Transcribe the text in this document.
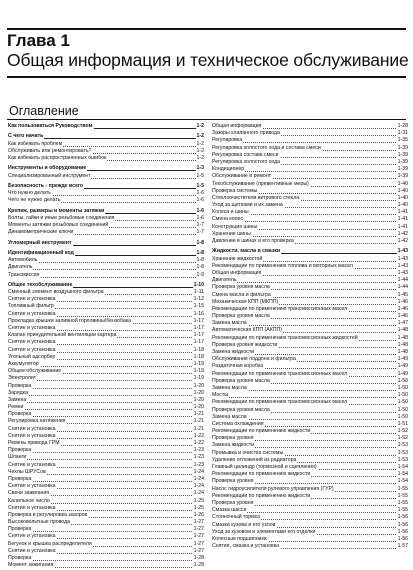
Глава 1
Общая информация и техническое обслуживание
Оглавление
Как пользоваться Руководством	1-2
С чего начать	1-2
Как избежать проблем	1-2
Обслуживать или ремонтировать?	1-2
Как избежать распространенных ошибок	1-2
Инструменты и оборудование	1-3
Специализированный инструмент	1-5
Безопасность - прежде всего	1-5
Что нужно делать	1-6
Чего не нужно делать	1-6
Крепеж, размеры и моменты затяжки	1-6
Болты, гайки и иные резьбовые соединения	1-6
Моменты затяжки резьбовых соединений	1-7
Динамометрические ключи	1-7
Угломерный инструмент	1-8
Идентификационный код	1-8
Автомобиль	1-8
Двигатель	1-8
Трансмиссия	1-9
Общее техобслуживание	1-10
Сменный элемент воздушного фильтра	1-11
Снятие и установка	1-12
Топливный фильтр	1-15
Снятие и установка	1-16
Прокладка крышки заливной горловины/бензобака	1-17
Снятие и установка	1-17
Клапан принудительной вентиляции картера	1-17
Снятие и установка	1-17
Снятие и установка	1-18
Угольный адсорбер	1-18
Аккумулятор	1-19
Общее обслуживание	1-19
Электролит	1-19
Проверка	1-20
Зарядка	1-20
Замена	1-20
Ремни	1-20
Проверка	1-21
Регулировка натяжения	1-21
Снятие и установка	1-21
Снятие и установка	1-22
Ремень привода ГРМ	1-22
Проверка	1-23
Шланги	1-23
Снятие и установка	1-23
Чехлы ШРУСов	1-24
Проверка	1-24
Снятие и установка	1-24
Свечи зажигания	1-24
Калильное число	1-25
Снятие и установка	1-25
Проверка и регулировка зазоров	1-26
Высоковольтные провода	1-27
Проверка	1-27
Снятие и установка	1-27
Бегунок и крышка распределителя	1-27
Снятие и установка	1-27
Проверка	1-28
Момент зажигания	1-28
Общая информация	1-28
Зазоры клапанного привода	1-31
Регулировка	1-35
Регулировка холостого хода и состава смеси	1-39
Регулировка состава смеси	1-39
Регулировка холостого хода	1-39
Кондиционер	1-39
Обслуживание и ремонт	1-39
Техобслуживание (превентивные меры)	1-40
Проверка системы	1-40
Стеклоочистители ветрового стекла	1-40
Уход за щетками и их замена	1-40
Колеса и шины	1-41
Смена колес	1-41
Конструкция шины	1-41
Хранение шины	1-42
Давление в шинах и его проверка	1-42
Жидкости, масла и смазки	1-43
Хранение жидкостей	1-43
Рекомендации по применению топлива и моторных масел	1-43
Общая информация	1-43
Двигатель	1-44
Проверка уровня масла	1-44
Смена масла и фильтра	1-45
Механическая КПП (МКПП)	1-46
Рекомендации по применению трансмиссионных масел	1-46
Проверка уровня масла	1-46
Замена масла	1-47
Автоматическая КПП (АКПП)	1-48
Рекомендации по применению трансмиссионных жидкостей	1-48
Проверка уровня жидкости	1-48
Замена жидкости	1-48
Обслуживание поддона и фильтра	1-49
Раздаточная коробка	1-49
Рекомендации по применению трансмиссионных масел	1-49
Проверка уровня масла	1-50
Замена масла	1-50
Мосты	1-50
Рекомендации по применению трансмиссионных масел	1-50
Проверка уровня масла	1-50
Замена масла	1-50
Система охлаждения	1-51
Рекомендации по применению жидкости	1-52
Проверка уровня	1-52
Замена жидкости	1-53
Промывка и очистка системы	1-53
Удаление отложений из радиатора	1-53
Главный цилиндр (тормозной и сцепления)	1-54
Рекомендации по применению жидкости	1-54
Проверка уровня	1-54
Насос гидроусилителя рулевого управления (ГУР)	1-55
Рекомендации по применению жидкости	1-55
Проверка уровня	1-55
Смазка шасси	1-55
Стояночный тормоз	1-56
Смазка кузова и его узлов	1-56
Уход за кузовом и элементами его отделки	1-56
Колесные подшипники	1-56
Снятие, смазка и установка	1-57
